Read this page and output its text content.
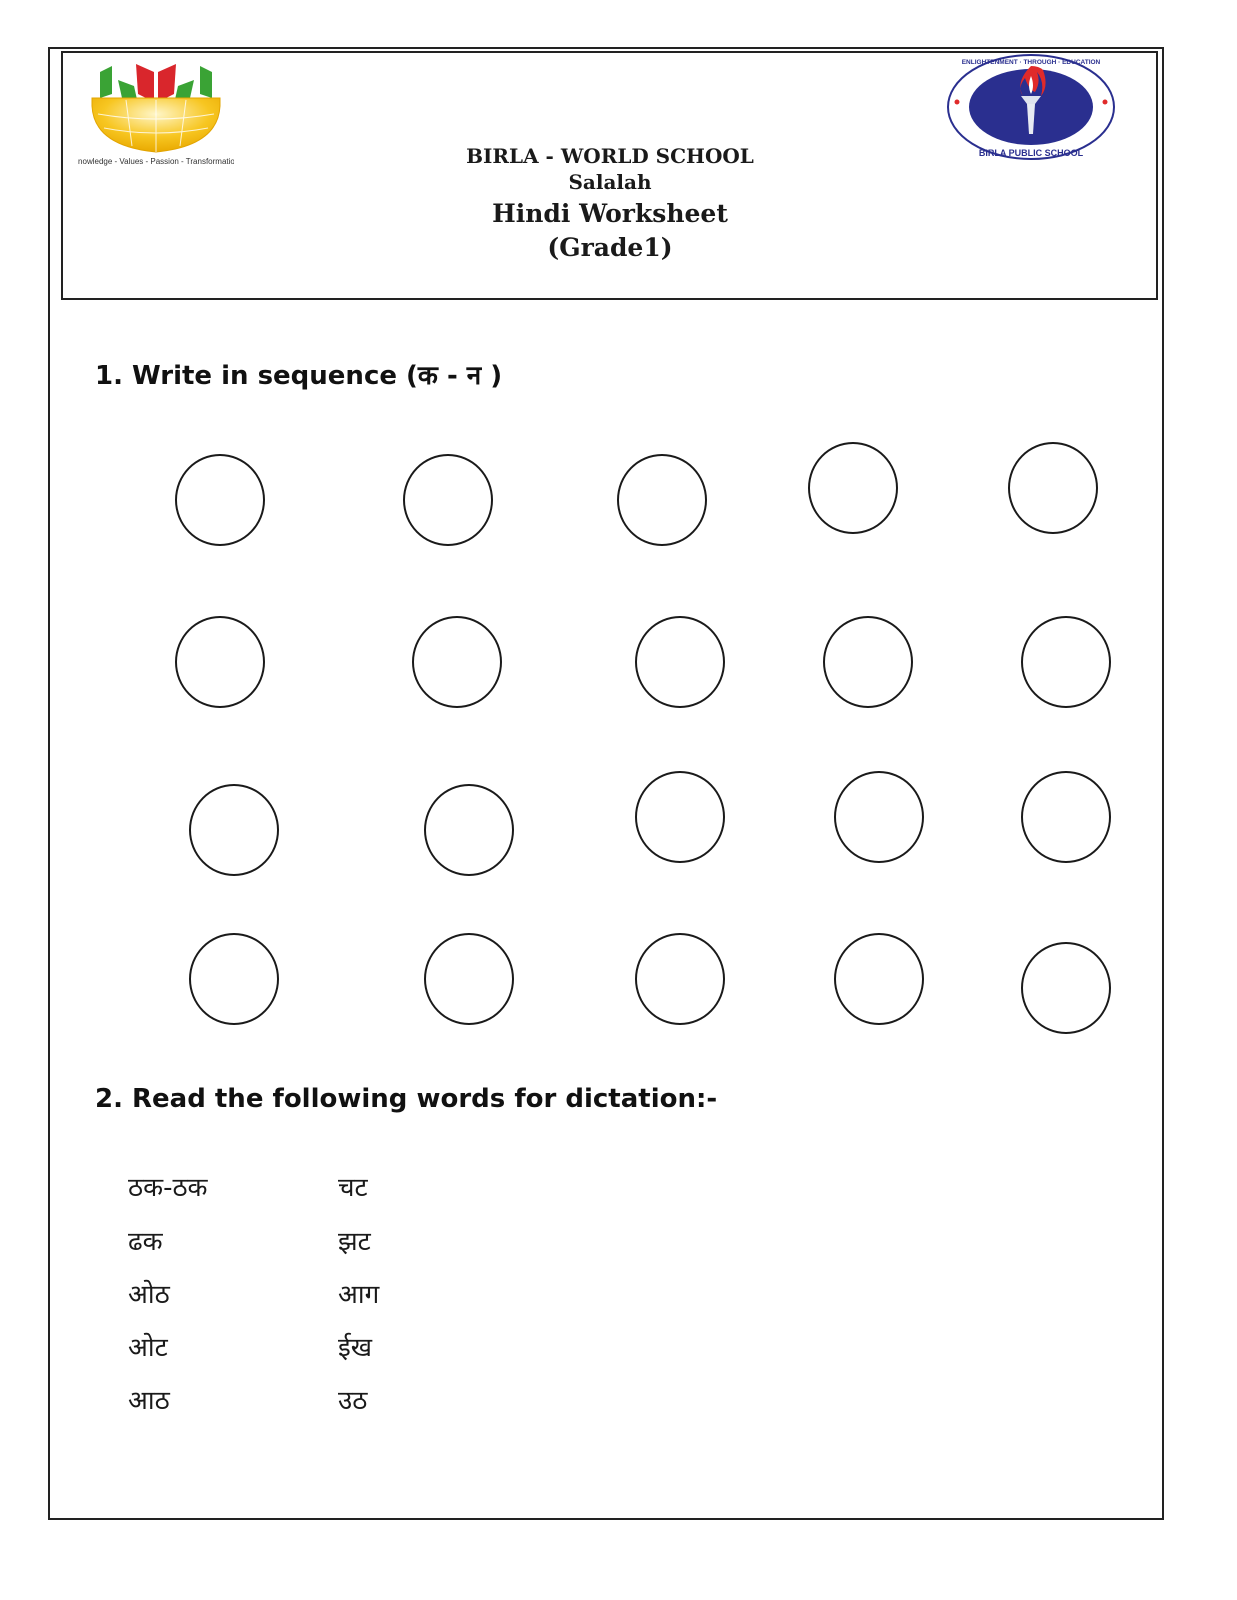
Knowledge - Values - Passion - Transformation
ENLIGHTENMENT · THROUGH · EDUCATION
BIRLA PUBLIC SCHOOL
BIRLA - WORLD SCHOOL
Salalah
Hindi Worksheet
(Grade1)
1. Write in sequence (क - न )
2. Read the following words for dictation:-
ठक-ठक
ढक
ओठ
ओट
आठ
चट
झट
आग
ईख
उठ
